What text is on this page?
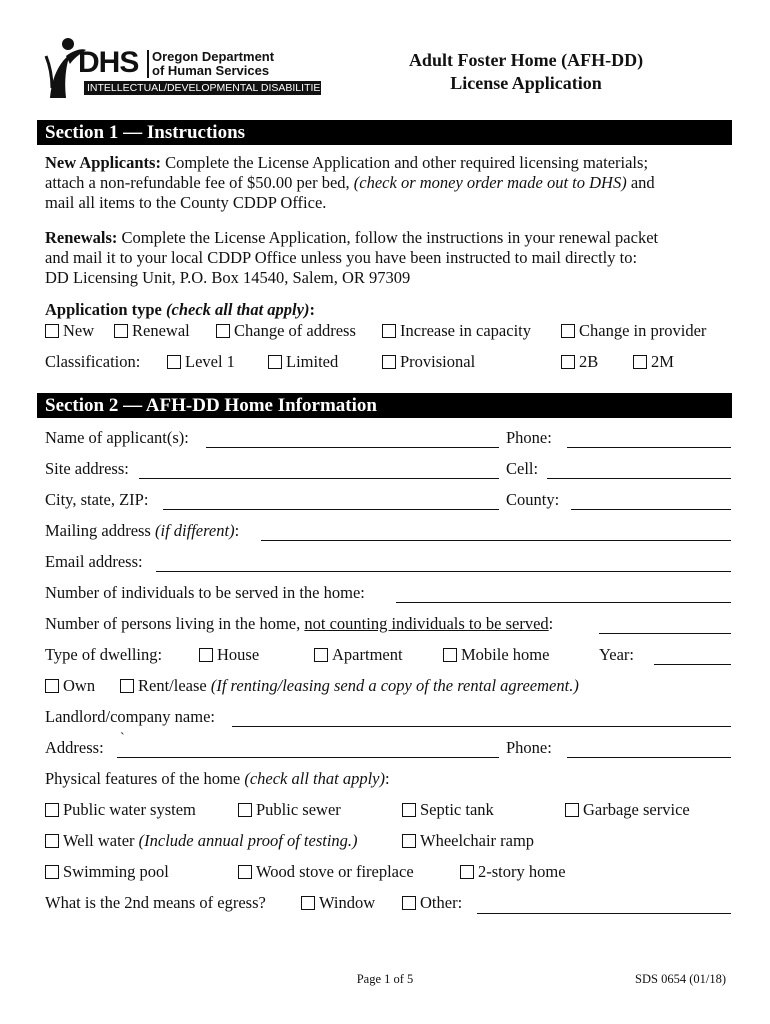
DHS Oregon Department
of Human Services
INTELLECTUAL/DEVELOPMENTAL DISABILITIES
Adult Foster Home (AFH-DD)
License Application
Section 1 — Instructions
New Applicants: Complete the License Application and other required licensing materials;
attach a non-refundable fee of $50.00 per bed, (check or money order made out to DHS) and
mail all items to the County CDDP Office.
Renewals: Complete the License Application, follow the instructions in your renewal packet
and mail it to your local CDDP Office unless you have been instructed to mail directly to:
DD Licensing Unit, P.O. Box 14540, Salem, OR 97309
Application type (check all that apply):
New	Renewal	Change of address	Increase in capacity	Change in provider
Classification:	Level 1	Limited	Provisional	2B	2M
Section 2 — AFH-DD Home Information
Name of applicant(s):	Phone:
Site address:	Cell:
City, state, ZIP:	County:
Mailing address (if different):
Email address:
Number of individuals to be served in the home:
Number of persons living in the home, not counting individuals to be served:
Type of dwelling:	House	Apartment	Mobile home	Year:
Own	Rent/lease (If renting/leasing send a copy of the rental agreement.)
Landlord/company name:
Address: `	Phone:
Physical features of the home (check all that apply):
Public water system	Public sewer	Septic tank	Garbage service
Well water (Include annual proof of testing.)	Wheelchair ramp
Swimming pool	Wood stove or fireplace	2-story home
What is the 2nd means of egress?	Window	Other:
Page 1 of 5	SDS 0654 (01/18)
